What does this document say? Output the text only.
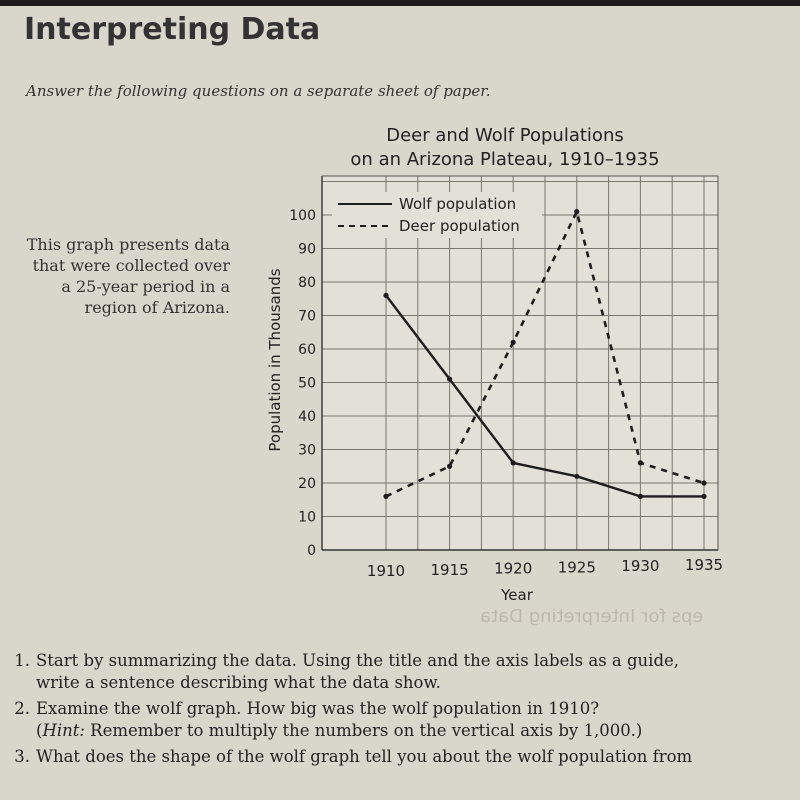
Interpreting Data
Answer the following questions on a separate sheet of paper.
This graph presents data that were collected over a 25-year period in a region of Arizona.
Deer and Wolf Populations
on an Arizona Plateau, 1910–1935
0
10
20
30
40
50
60
70
80
90
100
1910 1915 1920 1925 1930 1935
Wolf population
Deer population
Year
Population in Thousands
eps for Interpreting Data
1. Start by summarizing the data. Using the title and the axis labels as a guide,
write a sentence describing what the data show.
2. Examine the wolf graph. How big was the wolf population in 1910?
(Hint: Remember to multiply the numbers on the vertical axis by 1,000.)
3. What does the shape of the wolf graph tell you about the wolf population from
